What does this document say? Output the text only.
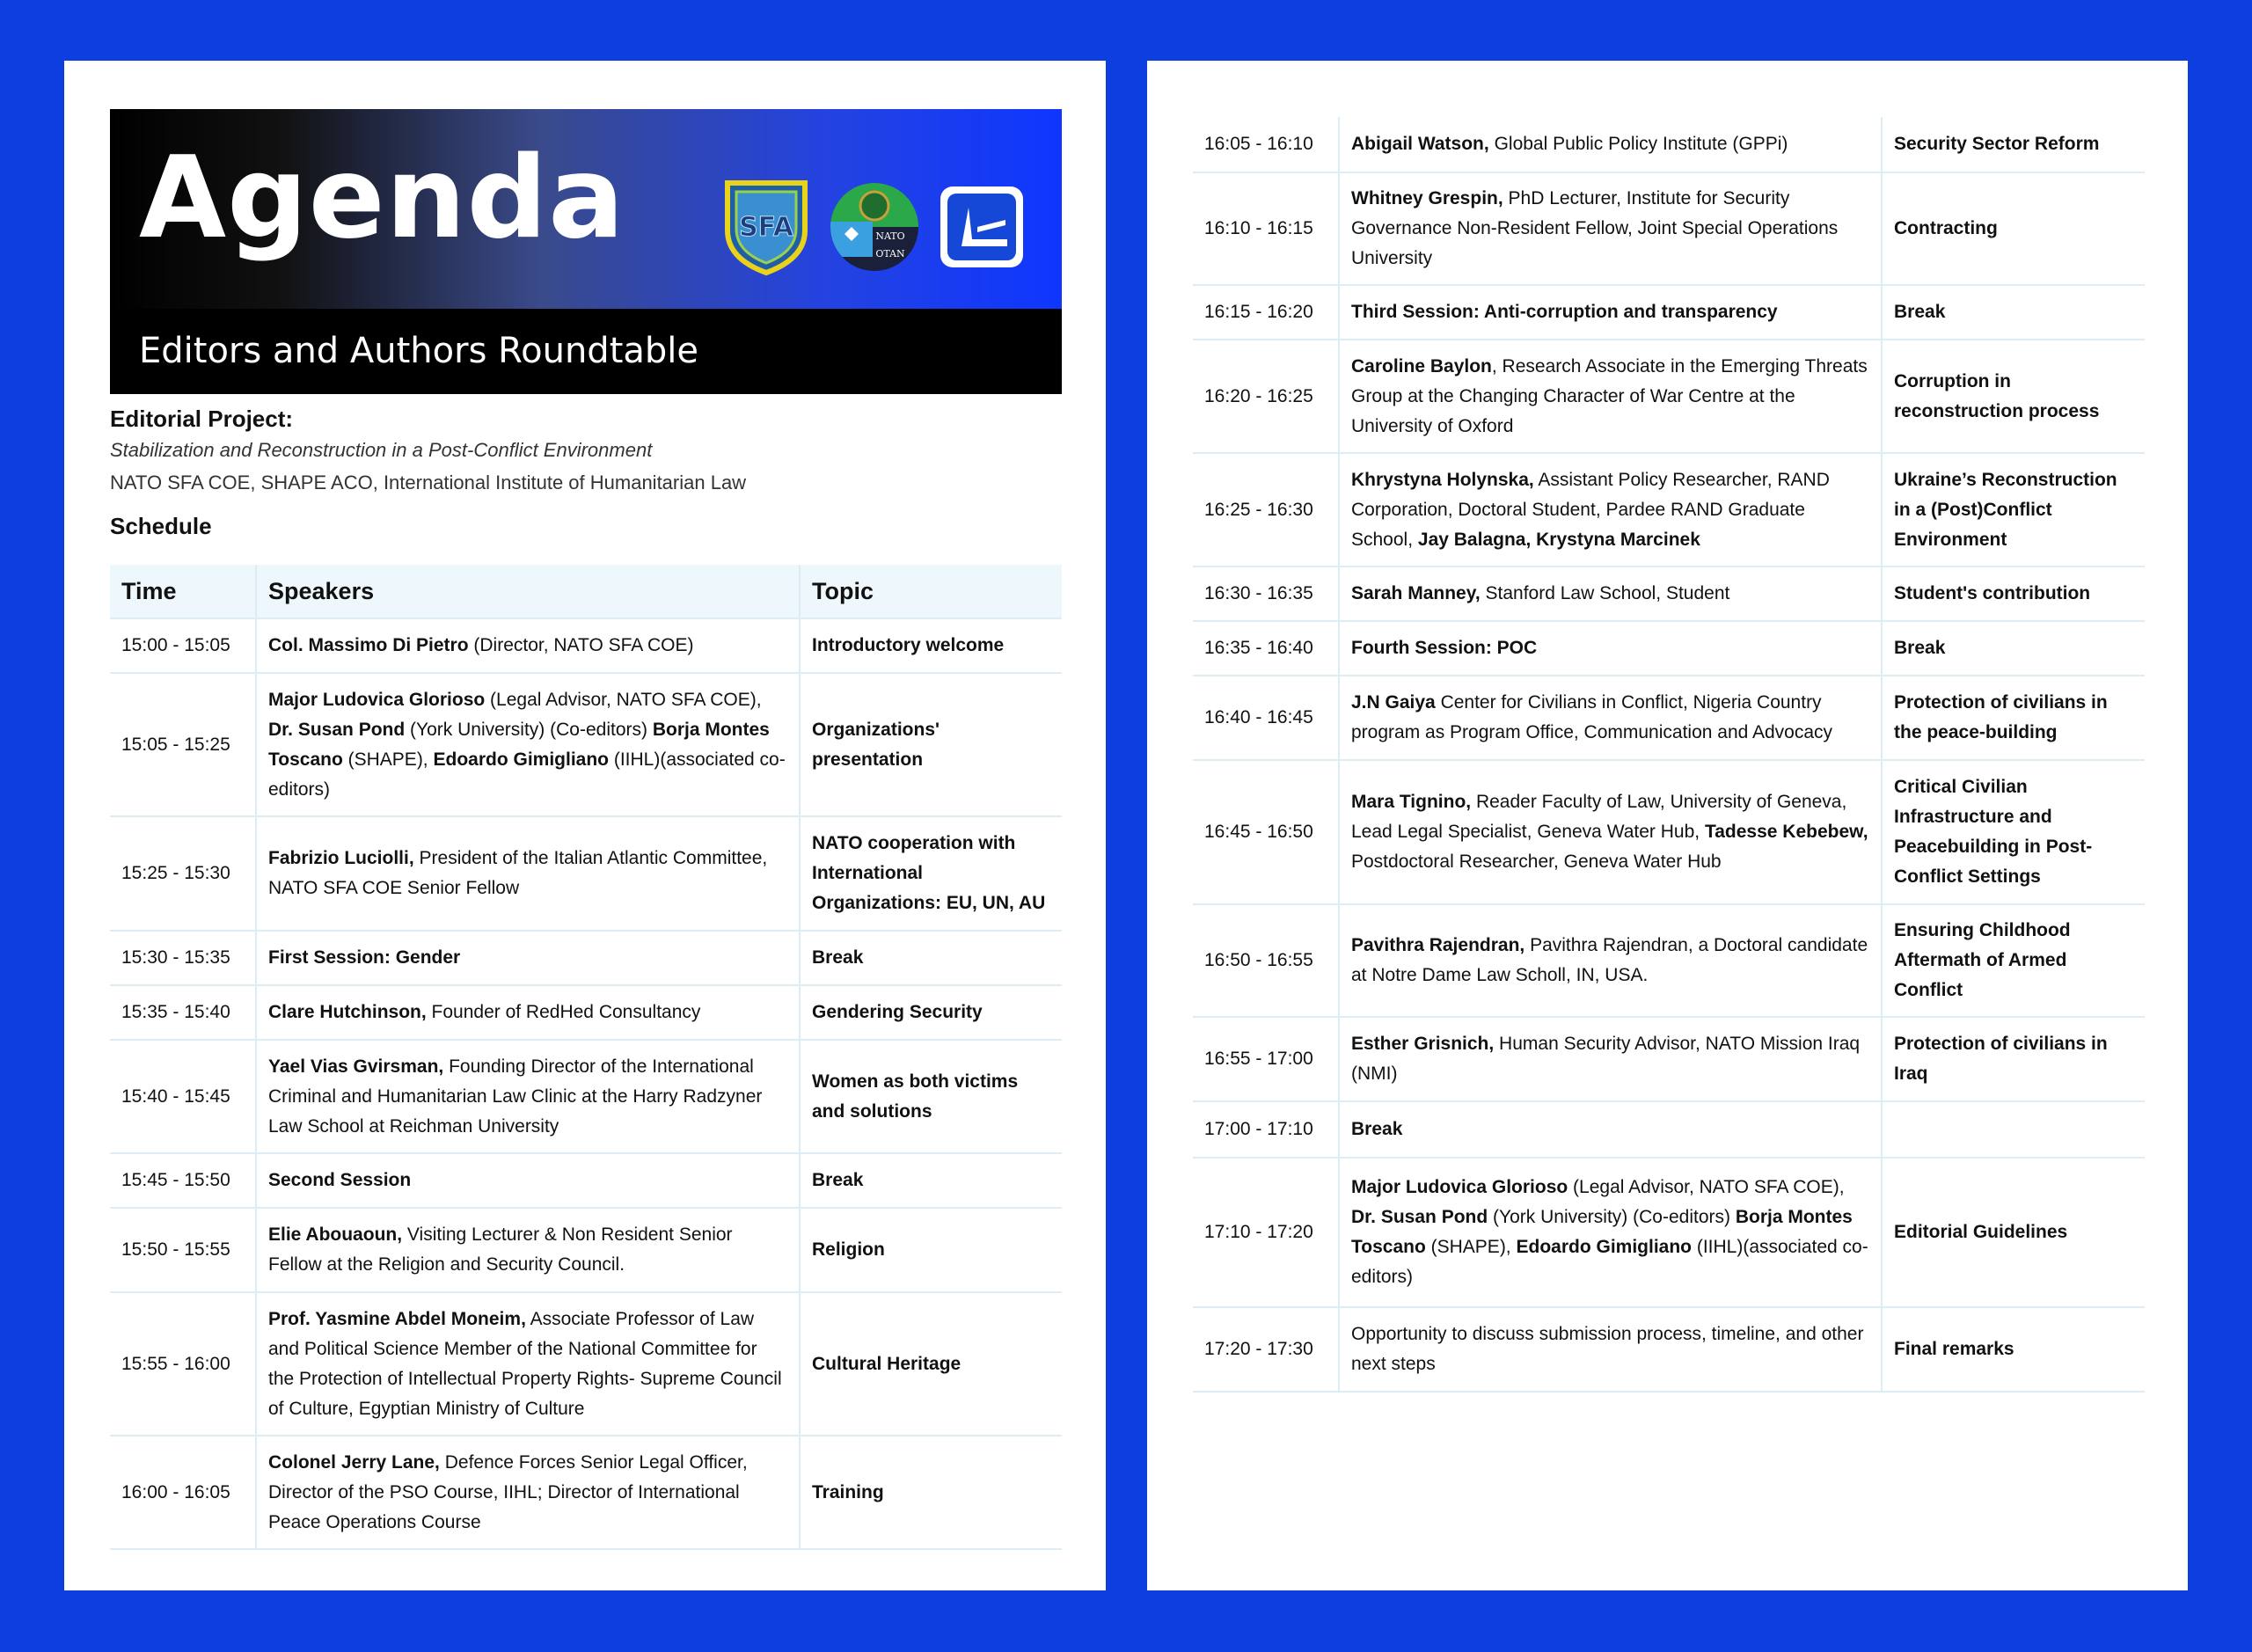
Agenda	SFA	NATO
OTAN
Editors and Authors Roundtable
Editorial Project:
Stabilization and Reconstruction in a Post-Conflict Environment
NATO SFA COE, SHAPE ACO, International Institute of Humanitarian Law
Schedule
Time	Speakers	Topic
15:00 - 15:05	Col. Massimo Di Pietro (Director, NATO SFA COE)	Introductory welcome
15:05 - 15:25	Major Ludovica Glorioso (Legal Advisor, NATO SFA COE), Dr. Susan Pond (York University) (Co-editors) Borja Montes Toscano (SHAPE), Edoardo Gimigliano (IIHL)(associated co-editors)	Organizations' presentation
15:25 - 15:30	Fabrizio Luciolli, President of the Italian Atlantic Committee, NATO SFA COE Senior Fellow	NATO cooperation with International Organizations: EU, UN, AU
15:30 - 15:35	First Session: Gender	Break
15:35 - 15:40	Clare Hutchinson, Founder of RedHed Consultancy	Gendering Security
15:40 - 15:45	Yael Vias Gvirsman, Founding Director of the International Criminal and Humanitarian Law Clinic at the Harry Radzyner Law School at Reichman University	Women as both victims and solutions
15:45 - 15:50	Second Session	Break
15:50 - 15:55	Elie Abouaoun, Visiting Lecturer & Non Resident Senior Fellow at the Religion and Security Council.	Religion
15:55 - 16:00	Prof. Yasmine Abdel Moneim, Associate Professor of Law and Political Science Member of the National Committee for the Protection of Intellectual Property Rights- Supreme Council of Culture, Egyptian Ministry of Culture	Cultural Heritage
16:00 - 16:05	Colonel Jerry Lane, Defence Forces Senior Legal Officer, Director of the PSO Course, IIHL; Director of International Peace Operations Course	Training
16:05 - 16:10	Abigail Watson, Global Public Policy Institute (GPPi)	Security Sector Reform
16:10 - 16:15	Whitney Grespin, PhD Lecturer, Institute for Security Governance Non-Resident Fellow, Joint Special Operations University	Contracting
16:15 - 16:20	Third Session: Anti-corruption and transparency	Break
16:20 - 16:25	Caroline Baylon, Research Associate in the Emerging Threats Group at the Changing Character of War Centre at the University of Oxford	Corruption in reconstruction process
16:25 - 16:30	Khrystyna Holynska, Assistant Policy Researcher, RAND Corporation, Doctoral Student, Pardee RAND Graduate School, Jay Balagna, Krystyna Marcinek	Ukraine’s Reconstruction in a (Post)Conflict Environment
16:30 - 16:35	Sarah Manney, Stanford Law School, Student	Student's contribution
16:35 - 16:40	Fourth Session: POC	Break
16:40 - 16:45	J.N Gaiya Center for Civilians in Conflict, Nigeria Country program as Program Office, Communication and Advocacy	Protection of civilians in the peace-building
16:45 - 16:50	Mara Tignino, Reader Faculty of Law, University of Geneva, Lead Legal Specialist, Geneva Water Hub, Tadesse Kebebew, Postdoctoral Researcher, Geneva Water Hub	Critical Civilian Infrastructure and Peacebuilding in Post-Conflict Settings
16:50 - 16:55	Pavithra Rajendran, Pavithra Rajendran, a Doctoral candidate at Notre Dame Law Scholl, IN, USA.	Ensuring Childhood Aftermath of Armed Conflict
16:55 - 17:00	Esther Grisnich, Human Security Advisor, NATO Mission Iraq (NMI)	Protection of civilians in Iraq
17:00 - 17:10	Break	
17:10 - 17:20	Major Ludovica Glorioso (Legal Advisor, NATO SFA COE), Dr. Susan Pond (York University) (Co-editors) Borja Montes Toscano (SHAPE), Edoardo Gimigliano (IIHL)(associated co-editors)	Editorial Guidelines
17:20 - 17:30	Opportunity to discuss submission process, timeline, and other next steps	Final remarks
